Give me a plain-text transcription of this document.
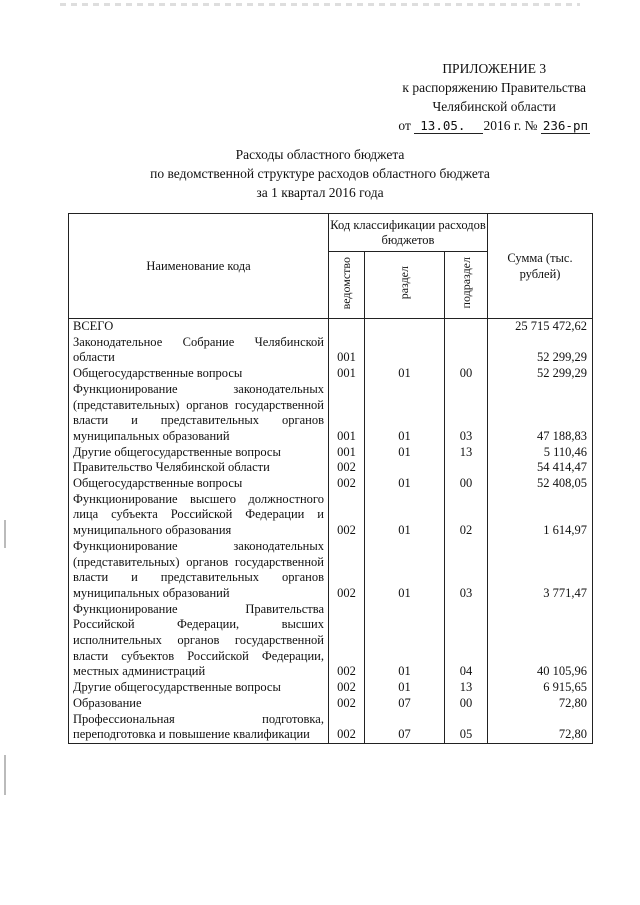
ПРИЛОЖЕНИЕ 3
к распоряжению Правительства
Челябинской области
от 13.05. 2016 г. № 236-рп
Расходы областного бюджета
по ведомственной структуре расходов областного бюджета
за 1 квартал 2016 года
Наименование кода	Код классификации расходов бюджетов			Сумма (тыс. рублей)
	ведомство	раздел	подраздел	
ВСЕГО				25 715 472,62
Законодательное Собрание Челябинской области	001			52 299,29
Общегосударственные вопросы	001	01	00	52 299,29
Функционирование законодательных (представительных) органов государственной власти и представительных органов муниципальных образований	001	01	03	47 188,83
Другие общегосударственные вопросы	001	01	13	5 110,46
Правительство Челябинской области	002			54 414,47
Общегосударственные вопросы	002	01	00	52 408,05
Функционирование высшего должностного лица субъекта Российской Федерации и муниципального образования	002	01	02	1 614,97
Функционирование законодательных (представительных) органов государственной власти и представительных органов муниципальных образований	002	01	03	3 771,47
Функционирование Правительства Российской Федерации, высших исполнительных органов государственной власти субъектов Российской Федерации, местных администраций	002	01	04	40 105,96
Другие общегосударственные вопросы	002	01	13	6 915,65
Образование	002	07	00	72,80
Профессиональная подготовка, переподготовка и повышение квалификации	002	07	05	72,80
